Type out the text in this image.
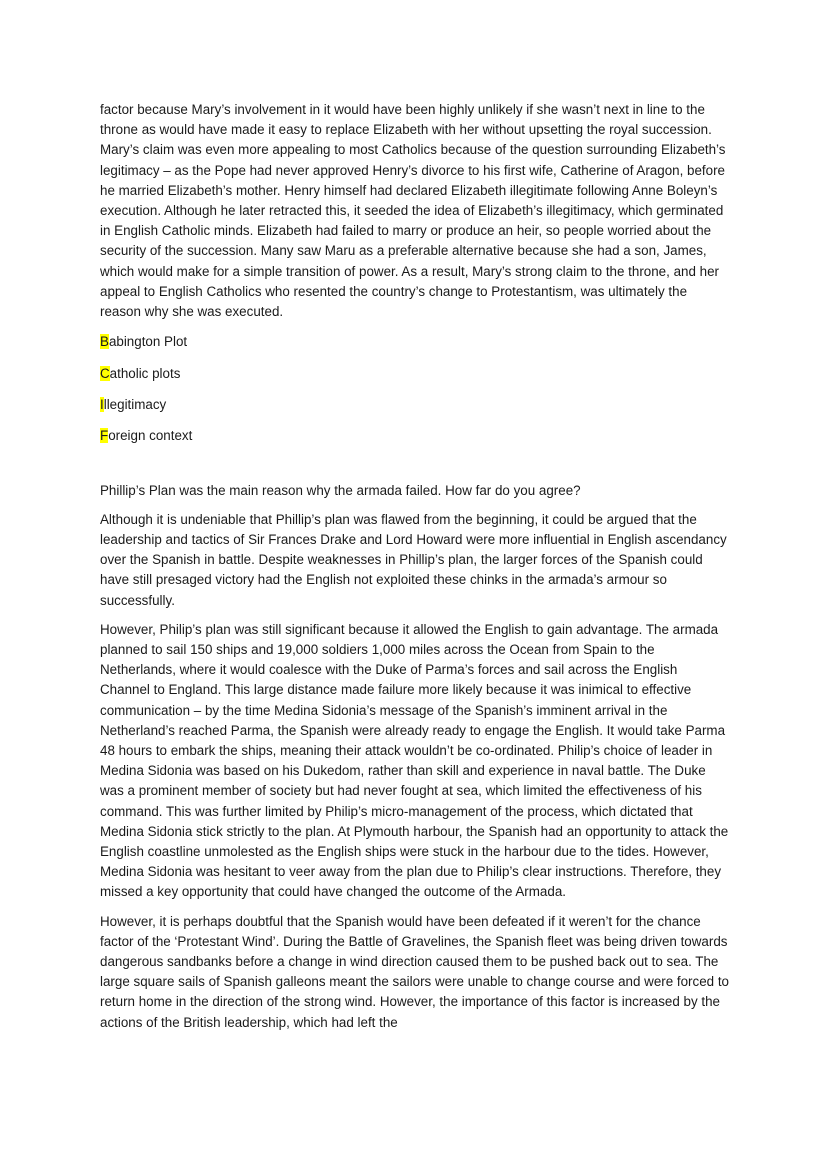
factor because Mary’s involvement in it would have been highly unlikely if she wasn’t next in line to the throne as would have made it easy to replace Elizabeth with her without upsetting the royal succession. Mary’s claim was even more appealing to most Catholics because of the question surrounding Elizabeth’s legitimacy – as the Pope had never approved Henry’s divorce to his first wife, Catherine of Aragon, before he married Elizabeth’s mother. Henry himself had declared Elizabeth illegitimate following Anne Boleyn’s execution. Although he later retracted this, it seeded the idea of Elizabeth’s illegitimacy, which germinated in English Catholic minds. Elizabeth had failed to marry or produce an heir, so people worried about the security of the succession. Many saw Maru as a preferable alternative because she had a son, James, which would make for a simple transition of power. As a result, Mary’s strong claim to the throne, and her appeal to English Catholics who resented the country’s change to Protestantism, was ultimately the reason why she was executed.

Babington Plot
Catholic plots
Illegitimacy
Foreign context

Phillip’s Plan was the main reason why the armada failed. How far do you agree?

Although it is undeniable that Phillip’s plan was flawed from the beginning, it could be argued that the leadership and tactics of Sir Frances Drake and Lord Howard were more influential in English ascendancy over the Spanish in battle. Despite weaknesses in Phillip’s plan, the larger forces of the Spanish could have still presaged victory had the English not exploited these chinks in the armada’s armour so successfully.

However, Philip’s plan was still significant because it allowed the English to gain advantage. The armada planned to sail 150 ships and 19,000 soldiers 1,000 miles across the Ocean from Spain to the Netherlands, where it would coalesce with the Duke of Parma’s forces and sail across the English Channel to England. This large distance made failure more likely because it was inimical to effective communication – by the time Medina Sidonia’s message of the Spanish’s imminent arrival in the Netherland’s reached Parma, the Spanish were already ready to engage the English. It would take Parma 48 hours to embark the ships, meaning their attack wouldn’t be co-ordinated. Philip’s choice of leader in Medina Sidonia was based on his Dukedom, rather than skill and experience in naval battle. The Duke was a prominent member of society but had never fought at sea, which limited the effectiveness of his command. This was further limited by Philip’s micro-management of the process, which dictated that Medina Sidonia stick strictly to the plan. At Plymouth harbour, the Spanish had an opportunity to attack the English coastline unmolested as the English ships were stuck in the harbour due to the tides. However, Medina Sidonia was hesitant to veer away from the plan due to Philip’s clear instructions. Therefore, they missed a key opportunity that could have changed the outcome of the Armada.

However, it is perhaps doubtful that the Spanish would have been defeated if it weren’t for the chance factor of the ‘Protestant Wind’. During the Battle of Gravelines, the Spanish fleet was being driven towards dangerous sandbanks before a change in wind direction caused them to be pushed back out to sea. The large square sails of Spanish galleons meant the sailors were unable to change course and were forced to return home in the direction of the strong wind. However, the importance of this factor is increased by the actions of the British leadership, which had left the
